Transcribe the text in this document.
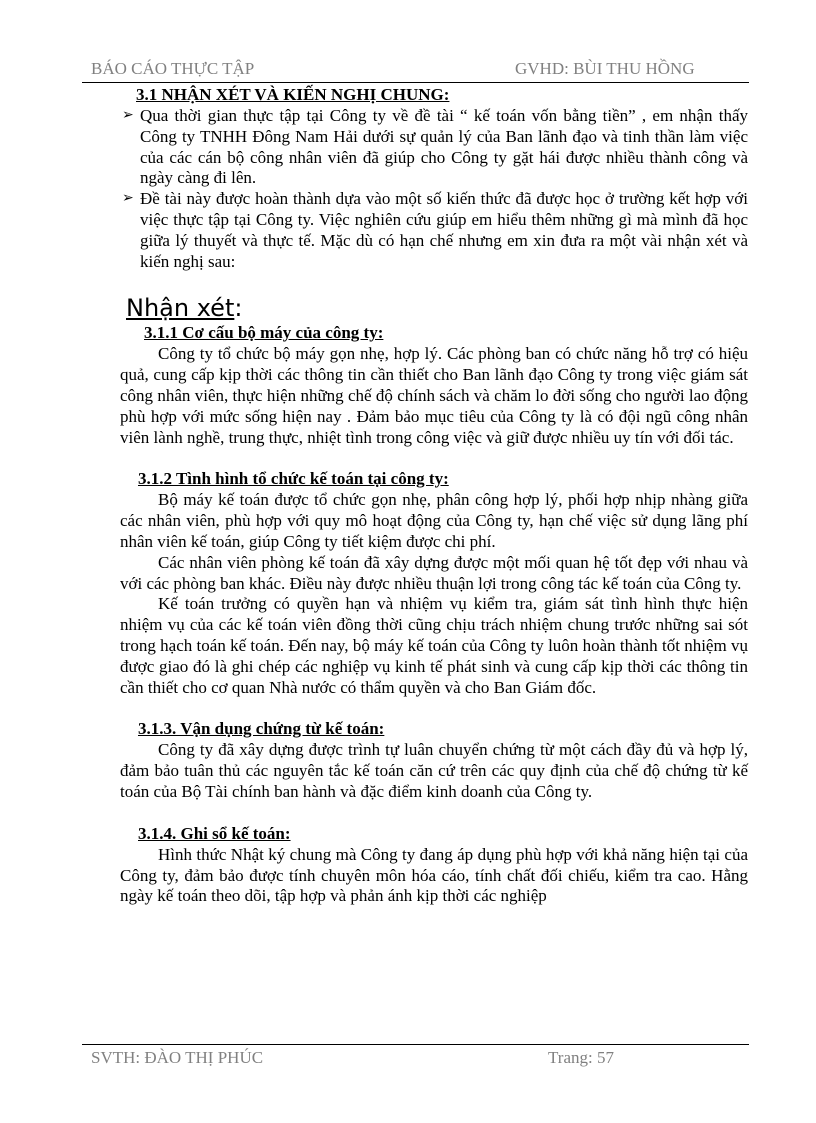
BÁO CÁO THỰC TẬP	GVHD: BÙI THU HỒNG
3.1 NHẬN XÉT VÀ KIẾN NGHỊ CHUNG:
➢ Qua thời gian thực tập tại Công ty về đề tài “ kế toán vốn bằng tiền” , em nhận thấy Công ty TNHH Đông Nam Hải dưới sự quản lý của Ban lãnh đạo và tinh thần làm việc của các cán bộ công nhân viên đã giúp cho Công ty gặt hái được nhiều thành công và ngày càng đi lên.
➢ Đề tài này được hoàn thành dựa vào một số kiến thức đã được học ở trường kết hợp với việc thực tập tại Công ty. Việc nghiên cứu giúp em hiểu thêm những gì mà mình đã học giữa lý thuyết và thực tế. Mặc dù có hạn chế nhưng em xin đưa ra một vài nhận xét và kiến nghị sau:
Nhận xét:
3.1.1 Cơ cấu bộ máy của công ty:

Công ty tổ chức bộ máy gọn nhẹ, hợp lý. Các phòng ban có chức năng hỗ trợ có hiệu quả, cung cấp kịp thời các thông tin cần thiết cho Ban lãnh đạo Công ty trong việc giám sát công nhân viên, thực hiện những chế độ chính sách và chăm lo đời sống cho người lao động phù hợp với mức sống hiện nay . Đảm bảo mục tiêu của Công ty là có đội ngũ công nhân viên lành nghề, trung thực, nhiệt tình trong công việc và giữ được nhiều uy tín với đối tác.

3.1.2 Tình hình tổ chức kế toán tại công ty:

Bộ máy kế toán được tổ chức gọn nhẹ, phân công hợp lý, phối hợp nhịp nhàng giữa các nhân viên, phù hợp với quy mô hoạt động của Công ty, hạn chế việc sử dụng lãng phí nhân viên kế toán, giúp Công ty tiết kiệm được chi phí.

Các nhân viên phòng kế toán đã xây dựng được một mối quan hệ tốt đẹp với nhau và với các phòng ban khác. Điều này được nhiều thuận lợi trong công tác kế toán của Công ty.

Kế toán trưởng có quyền hạn và nhiệm vụ kiểm tra, giám sát tình hình thực hiện nhiệm vụ của các kế toán viên đồng thời cũng chịu trách nhiệm chung trước những sai sót trong hạch toán kế toán. Đến nay, bộ máy kế toán của Công ty luôn hoàn thành tốt nhiệm vụ được giao đó là ghi chép các nghiệp vụ kinh tế phát sinh và cung cấp kịp thời các thông tin cần thiết cho cơ quan Nhà nước có thẩm quyền và cho Ban Giám đốc.

3.1.3. Vận dụng chứng từ kế toán:

Công ty đã xây dựng được trình tự luân chuyển chứng từ một cách đầy đủ và hợp lý, đảm bảo tuân thủ các nguyên tắc kế toán căn cứ trên các quy định của chế độ chứng từ kế toán của Bộ Tài chính ban hành và đặc điểm kinh doanh của Công ty.

3.1.4. Ghi sổ kế toán:

Hình thức Nhật ký chung mà Công ty đang áp dụng phù hợp với khả năng hiện tại của Công ty, đảm bảo được tính chuyên môn hóa cáo, tính chất đối chiếu, kiểm tra cao. Hằng ngày kế toán theo dõi, tập hợp và phản ánh kịp thời các nghiệp

SVTH: ĐÀO THỊ PHÚC	Trang: 57
